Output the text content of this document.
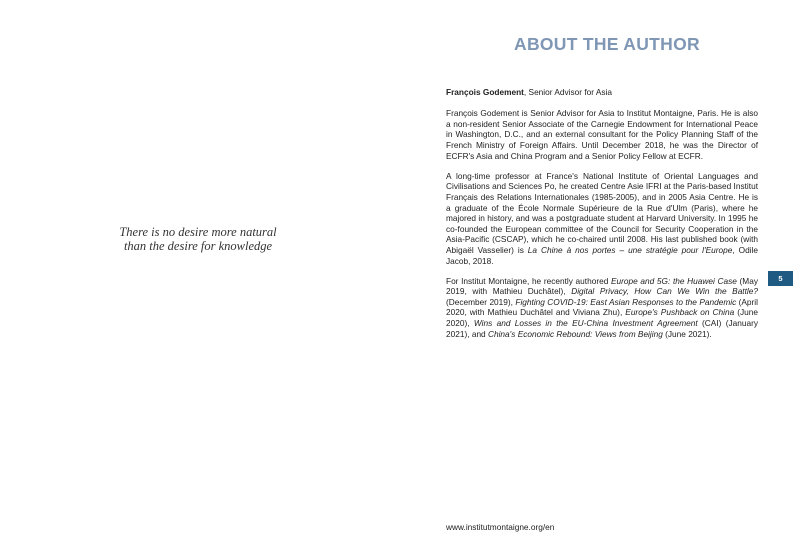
There is no desire more natural
than the desire for knowledge
ABOUT THE AUTHOR

François Godement, Senior Advisor for Asia

François Godement is Senior Advisor for Asia to Institut Montaigne, Paris. He is also a non-resident Senior Associate of the Carnegie Endowment for International Peace in Washington, D.C., and an external consultant for the Policy Planning Staff of the French Ministry of Foreign Affairs. Until December 2018, he was the Director of ECFR's Asia and China Program and a Senior Policy Fellow at ECFR.

A long-time professor at France's National Institute of Oriental Languages and Civilisations and Sciences Po, he created Centre Asie IFRI at the Paris-based Institut Français des Relations Internationales (1985-2005), and in 2005 Asia Centre. He is a graduate of the École Normale Supérieure de la Rue d'Ulm (Paris), where he majored in history, and was a postgraduate student at Harvard University. In 1995 he co-founded the European committee of the Council for Security Cooperation in the Asia-Pacific (CSCAP), which he co-chaired until 2008. His last published book (with Abigaël Vasselier) is La Chine à nos portes – une stratégie pour l'Europe, Odile Jacob, 2018.

For Institut Montaigne, he recently authored Europe and 5G: the Huawei Case (May 2019, with Mathieu Duchâtel), Digital Privacy, How Can We Win the Battle? (December 2019), Fighting COVID-19: East Asian Responses to the Pandemic (April 2020, with Mathieu Duchâtel and Viviana Zhu), Europe's Pushback on China (June 2020), Wins and Losses in the EU-China Investment Agreement (CAI) (January 2021), and China's Economic Rebound: Views from Beijing (June 2021).

5
www.institutmontaigne.org/en
